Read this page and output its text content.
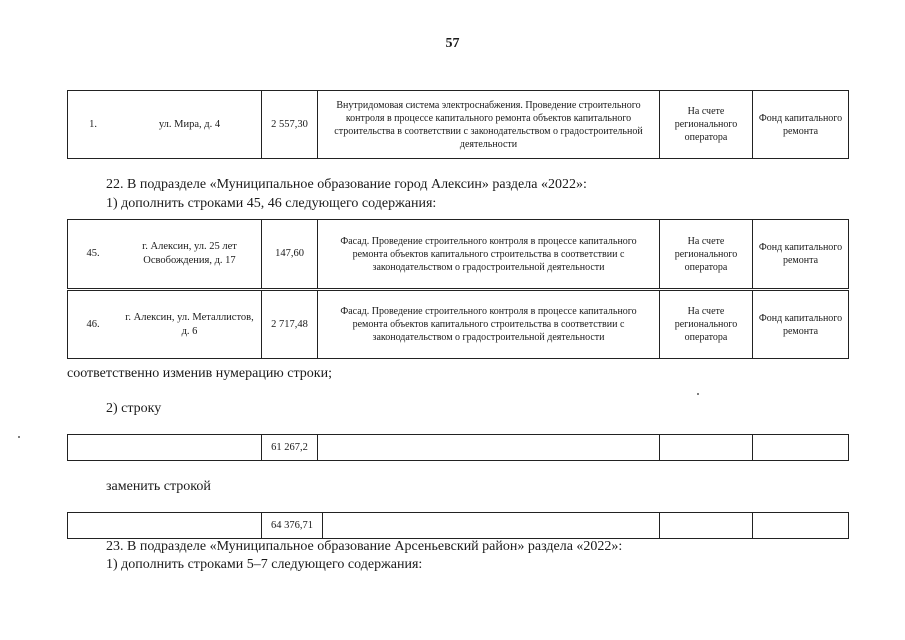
57
1.	ул. Мира, д. 4	2 557,30
Внутридомовая система электроснабжения. Проведение строительного контроля в процессе капитального ремонта объектов капитального строительства в соответствии с законодательством о градостроительной деятельности
На счете регионального оператора
Фонд капитального ремонта
22. В подразделе «Муниципальное образование город Алексин» раздела «2022»:
1) дополнить строками 45, 46 следующего содержания:
45.
г. Алексин, ул. 25 лет Освобождения, д. 17
147,60
Фасад. Проведение строительного контроля в процессе капитального ремонта объектов капитального строительства в соответствии с законодательством о градостроительной деятельности
На счете регионального оператора
Фонд капитального ремонта
46.
г. Алексин, ул. Металлистов, д. 6
2 717,48
Фасад. Проведение строительного контроля в процессе капитального ремонта объектов капитального строительства в соответствии с законодательством о градостроительной деятельности
На счете регионального оператора
Фонд капитального ремонта
соответственно изменив нумерацию строки;
2) строку
61 267,2
заменить строкой
64 376,71
23. В подразделе «Муниципальное образование Арсеньевский район» раздела «2022»:
1) дополнить строками 5–7 следующего содержания:
